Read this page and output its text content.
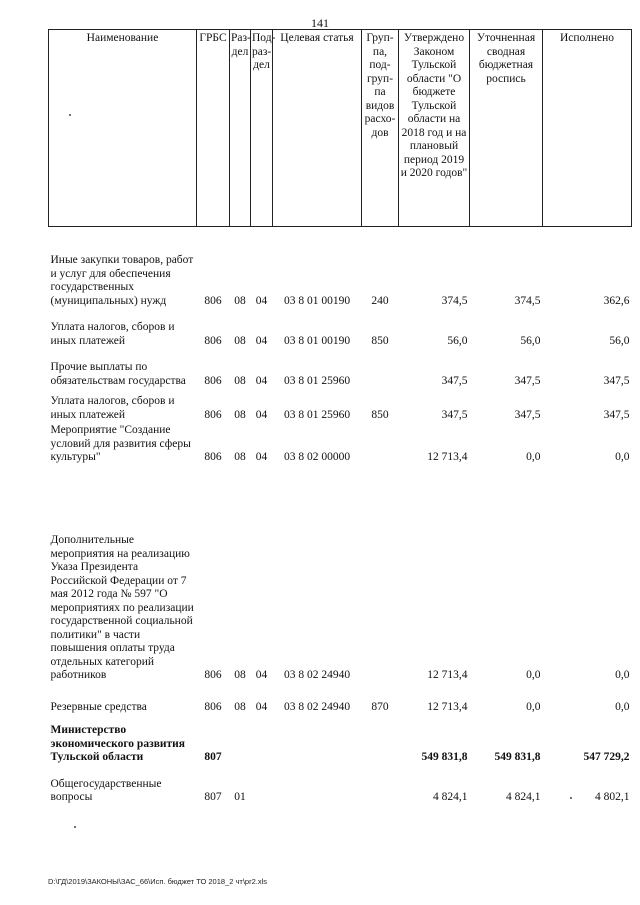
141
Наименование	ГРБС	Раз-дел	Под-раз-дел	Целевая статья	Груп-па, под-груп-па видов расхо-дов	Утверждено Законом Тульской области "О бюджете Тульской области на 2018 год и на плановый период 2019 и 2020 годов"	Уточненная сводная бюджетная роспись	Исполнено

Иные закупки товаров, работ и услуг для обеспечения государственных (муниципальных) нужд	806	08	04	03 8 01 00190	240	374,5	374,5	362,6
Уплата налогов, сборов и иных платежей	806	08	04	03 8 01 00190	850	56,0	56,0	56,0
Прочие выплаты по обязательствам государства	806	08	04	03 8 01 25960		347,5	347,5	347,5
Уплата налогов, сборов и иных платежей	806	08	04	03 8 01 25960	850	347,5	347,5	347,5
Мероприятие "Создание условий для развития сферы культуры"	806	08	04	03 8 02 00000		12 713,4	0,0	0,0
Дополнительные мероприятия на реализацию Указа Президента Российской Федерации от 7 мая 2012 года № 597 "О мероприятиях по реализации государственной социальной политики" в части повышения оплаты труда отдельных категорий работников	806	08	04	03 8 02 24940		12 713,4	0,0	0,0
Резервные средства	806	08	04	03 8 02 24940	870	12 713,4	0,0	0,0
Министерство экономического развития Тульской области	807					549 831,8	549 831,8	547 729,2
Общегосударственные вопросы	807	01				4 824,1	4 824,1	4 802,1
D:\ГД\2019\ЗАКОНЫ\ЗАС_66\Исп. бюджет ТО 2018_2 чт\pr2.xls
